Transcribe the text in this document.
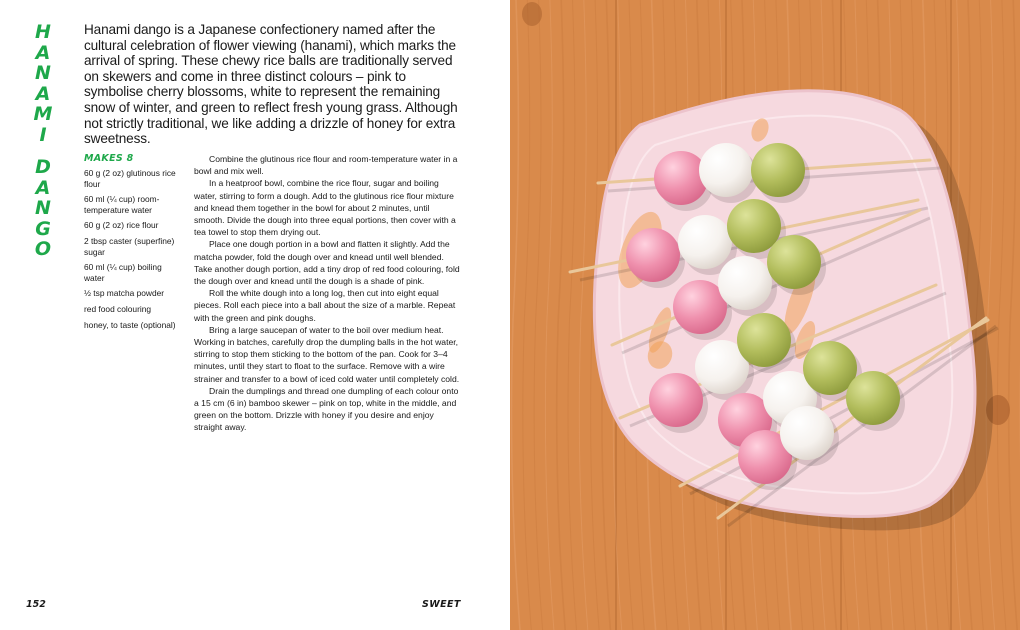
H
A
N
A
M
I
D
A
N
G
O

Hanami dango is a Japanese confectionery named after the cultural celebration of flower viewing (hanami), which marks the arrival of spring. These chewy rice balls are traditionally served on skewers and come in three distinct colours – pink to symbolise cherry blossoms, white to represent the remaining snow of winter, and green to reflect fresh young grass. Although not strictly traditional, we like adding a drizzle of honey for extra sweetness.

MAKES 8
60 g (2 oz) glutinous rice flour
60 ml (¼ cup) room-temperature water
60 g (2 oz) rice flour
2 tbsp caster (superfine) sugar
60 ml (¼ cup) boiling water
½ tsp matcha powder
red food colouring
honey, to taste (optional)

Combine the glutinous rice flour and room-temperature water in a bowl and mix well.

In a heatproof bowl, combine the rice flour, sugar and boiling water, stirring to form a dough. Add to the glutinous rice flour mixture and knead them together in the bowl for about 2 minutes, until smooth. Divide the dough into three equal portions, then cover with a tea towel to stop them drying out.

Place one dough portion in a bowl and flatten it slightly. Add the matcha powder, fold the dough over and knead until well blended. Take another dough portion, add a tiny drop of red food colouring, fold the dough over and knead until the dough is a shade of pink.

Roll the white dough into a long log, then cut into eight equal pieces. Roll each piece into a ball about the size of a marble. Repeat with the green and pink doughs.

Bring a large saucepan of water to the boil over medium heat. Working in batches, carefully drop the dumpling balls in the hot water, stirring to stop them sticking to the bottom of the pan. Cook for 3–4 minutes, until they start to float to the surface. Remove with a wire strainer and transfer to a bowl of iced cold water until completely cold.

Drain the dumplings and thread one dumpling of each colour onto a 15 cm (6 in) bamboo skewer – pink on top, white in the middle, and green on the bottom. Drizzle with honey if you desire and enjoy straight away.

152	SWEET
